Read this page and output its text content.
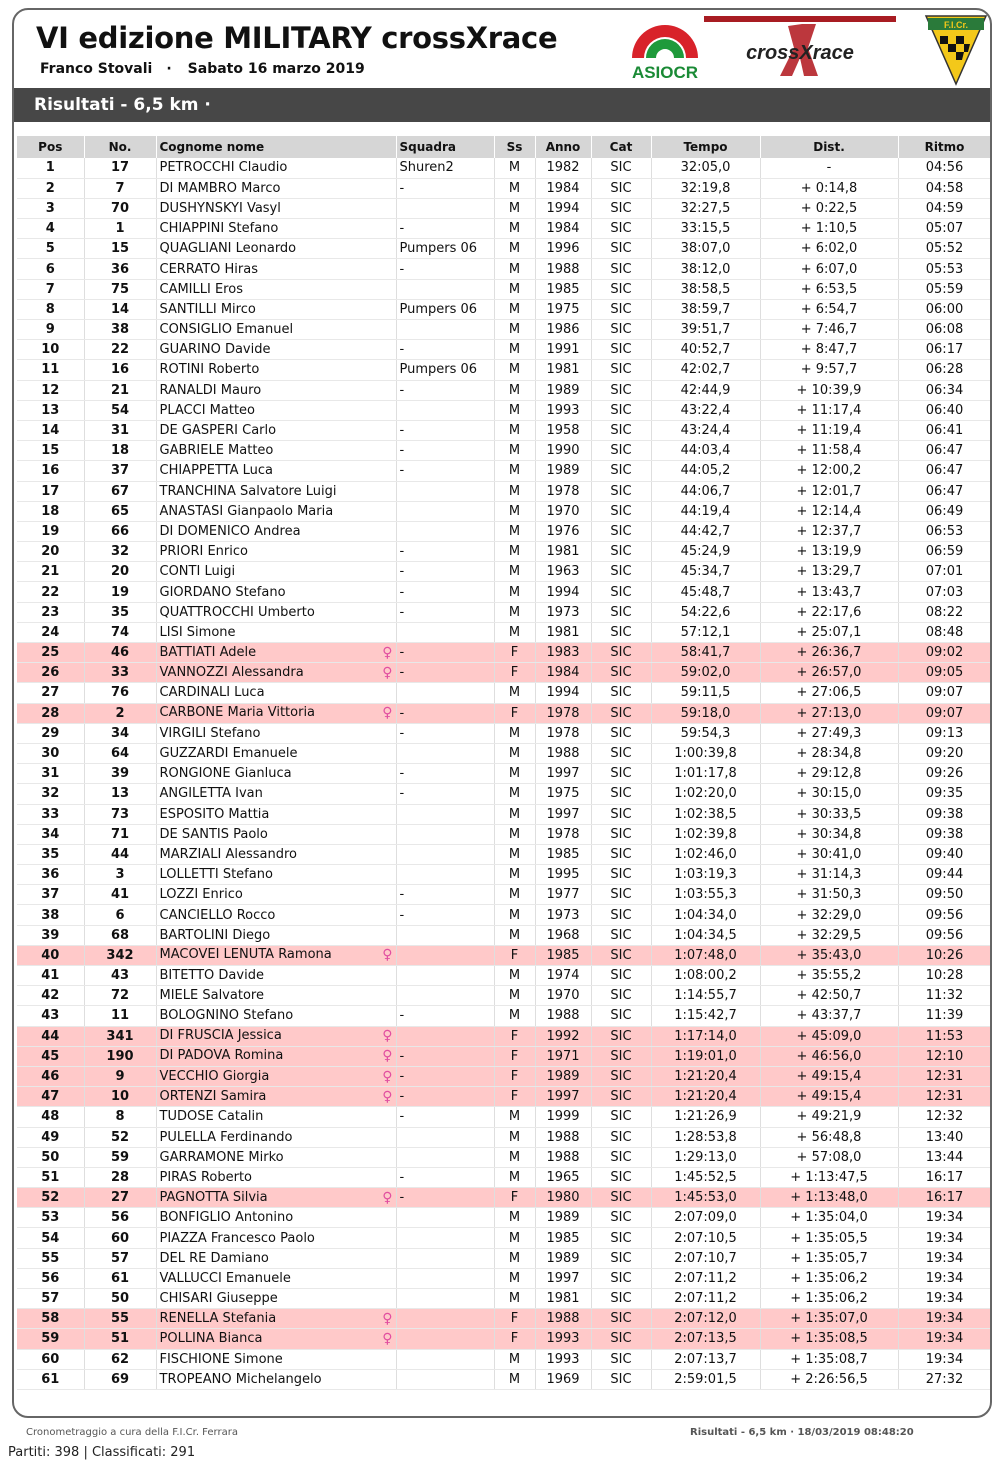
VI edizione MILITARY crossXrace
Franco Stovali · Sabato 16 marzo 2019	ASIOCR
crossXrace
F.I.Cr.
Risultati - 6,5 km ·
Pos	No.	Cognome nome	Squadra	Ss	Anno	Cat	Tempo	Dist.	Ritmo
1	17	PETROCCHI Claudio	Shuren2	M	1982	SIC	32:05,0	-	04:56
2	7	DI MAMBRO Marco	-	M	1984	SIC	32:19,8	+ 0:14,8	04:58
3	70	DUSHYNSKYI Vasyl		M	1994	SIC	32:27,5	+ 0:22,5	04:59
4	1	CHIAPPINI Stefano	-	M	1984	SIC	33:15,5	+ 1:10,5	05:07
5	15	QUAGLIANI Leonardo	Pumpers 06	M	1996	SIC	38:07,0	+ 6:02,0	05:52
6	36	CERRATO Hiras	-	M	1988	SIC	38:12,0	+ 6:07,0	05:53
7	75	CAMILLI Eros		M	1985	SIC	38:58,5	+ 6:53,5	05:59
8	14	SANTILLI Mirco	Pumpers 06	M	1975	SIC	38:59,7	+ 6:54,7	06:00
9	38	CONSIGLIO Emanuel		M	1986	SIC	39:51,7	+ 7:46,7	06:08
10	22	GUARINO Davide	-	M	1991	SIC	40:52,7	+ 8:47,7	06:17
11	16	ROTINI Roberto	Pumpers 06	M	1981	SIC	42:02,7	+ 9:57,7	06:28
12	21	RANALDI Mauro	-	M	1989	SIC	42:44,9	+ 10:39,9	06:34
13	54	PLACCI Matteo		M	1993	SIC	43:22,4	+ 11:17,4	06:40
14	31	DE GASPERI Carlo	-	M	1958	SIC	43:24,4	+ 11:19,4	06:41
15	18	GABRIELE Matteo	-	M	1990	SIC	44:03,4	+ 11:58,4	06:47
16	37	CHIAPPETTA Luca	-	M	1989	SIC	44:05,2	+ 12:00,2	06:47
17	67	TRANCHINA Salvatore Luigi		M	1978	SIC	44:06,7	+ 12:01,7	06:47
18	65	ANASTASI Gianpaolo Maria		M	1970	SIC	44:19,4	+ 12:14,4	06:49
19	66	DI DOMENICO Andrea		M	1976	SIC	44:42,7	+ 12:37,7	06:53
20	32	PRIORI Enrico	-	M	1981	SIC	45:24,9	+ 13:19,9	06:59
21	20	CONTI Luigi	-	M	1963	SIC	45:34,7	+ 13:29,7	07:01
22	19	GIORDANO Stefano	-	M	1994	SIC	45:48,7	+ 13:43,7	07:03
23	35	QUATTROCCHI Umberto	-	M	1973	SIC	54:22,6	+ 22:17,6	08:22
24	74	LISI Simone		M	1981	SIC	57:12,1	+ 25:07,1	08:48
25	46	BATTIATI Adele ♀	-	F	1983	SIC	58:41,7	+ 26:36,7	09:02
26	33	VANNOZZI Alessandra ♀	-	F	1984	SIC	59:02,0	+ 26:57,0	09:05
27	76	CARDINALI Luca		M	1994	SIC	59:11,5	+ 27:06,5	09:07
28	2	CARBONE Maria Vittoria ♀	-	F	1978	SIC	59:18,0	+ 27:13,0	09:07
29	34	VIRGILI Stefano	-	M	1978	SIC	59:54,3	+ 27:49,3	09:13
30	64	GUZZARDI Emanuele		M	1988	SIC	1:00:39,8	+ 28:34,8	09:20
31	39	RONGIONE Gianluca	-	M	1997	SIC	1:01:17,8	+ 29:12,8	09:26
32	13	ANGILETTA Ivan	-	M	1975	SIC	1:02:20,0	+ 30:15,0	09:35
33	73	ESPOSITO Mattia		M	1997	SIC	1:02:38,5	+ 30:33,5	09:38
34	71	DE SANTIS Paolo		M	1978	SIC	1:02:39,8	+ 30:34,8	09:38
35	44	MARZIALI Alessandro		M	1985	SIC	1:02:46,0	+ 30:41,0	09:40
36	3	LOLLETTI Stefano		M	1995	SIC	1:03:19,3	+ 31:14,3	09:44
37	41	LOZZI Enrico	-	M	1977	SIC	1:03:55,3	+ 31:50,3	09:50
38	6	CANCIELLO Rocco	-	M	1973	SIC	1:04:34,0	+ 32:29,0	09:56
39	68	BARTOLINI Diego		M	1968	SIC	1:04:34,5	+ 32:29,5	09:56
40	342	MACOVEI LENUTA Ramona ♀		F	1985	SIC	1:07:48,0	+ 35:43,0	10:26
41	43	BITETTO Davide		M	1974	SIC	1:08:00,2	+ 35:55,2	10:28
42	72	MIELE Salvatore		M	1970	SIC	1:14:55,7	+ 42:50,7	11:32
43	11	BOLOGNINO Stefano	-	M	1988	SIC	1:15:42,7	+ 43:37,7	11:39
44	341	DI FRUSCIA Jessica ♀		F	1992	SIC	1:17:14,0	+ 45:09,0	11:53
45	190	DI PADOVA Romina ♀	-	F	1971	SIC	1:19:01,0	+ 46:56,0	12:10
46	9	VECCHIO Giorgia ♀	-	F	1989	SIC	1:21:20,4	+ 49:15,4	12:31
47	10	ORTENZI Samira ♀	-	F	1997	SIC	1:21:20,4	+ 49:15,4	12:31
48	8	TUDOSE Catalin	-	M	1999	SIC	1:21:26,9	+ 49:21,9	12:32
49	52	PULELLA Ferdinando		M	1988	SIC	1:28:53,8	+ 56:48,8	13:40
50	59	GARRAMONE Mirko		M	1988	SIC	1:29:13,0	+ 57:08,0	13:44
51	28	PIRAS Roberto	-	M	1965	SIC	1:45:52,5	+ 1:13:47,5	16:17
52	27	PAGNOTTA Silvia ♀	-	F	1980	SIC	1:45:53,0	+ 1:13:48,0	16:17
53	56	BONFIGLIO Antonino		M	1989	SIC	2:07:09,0	+ 1:35:04,0	19:34
54	60	PIAZZA Francesco Paolo		M	1985	SIC	2:07:10,5	+ 1:35:05,5	19:34
55	57	DEL RE Damiano		M	1989	SIC	2:07:10,7	+ 1:35:05,7	19:34
56	61	VALLUCCI Emanuele		M	1997	SIC	2:07:11,2	+ 1:35:06,2	19:34
57	50	CHISARI Giuseppe		M	1981	SIC	2:07:11,2	+ 1:35:06,2	19:34
58	55	RENELLA Stefania ♀		F	1988	SIC	2:07:12,0	+ 1:35:07,0	19:34
59	51	POLLINA Bianca ♀		F	1993	SIC	2:07:13,5	+ 1:35:08,5	19:34
60	62	FISCHIONE Simone		M	1993	SIC	2:07:13,7	+ 1:35:08,7	19:34
61	69	TROPEANO Michelangelo		M	1969	SIC	2:59:01,5	+ 2:26:56,5	27:32
Cronometraggio a cura della F.I.Cr. Ferrara	Risultati - 6,5 km · 18/03/2019 08:48:20
Partiti: 398 | Classificati: 291
